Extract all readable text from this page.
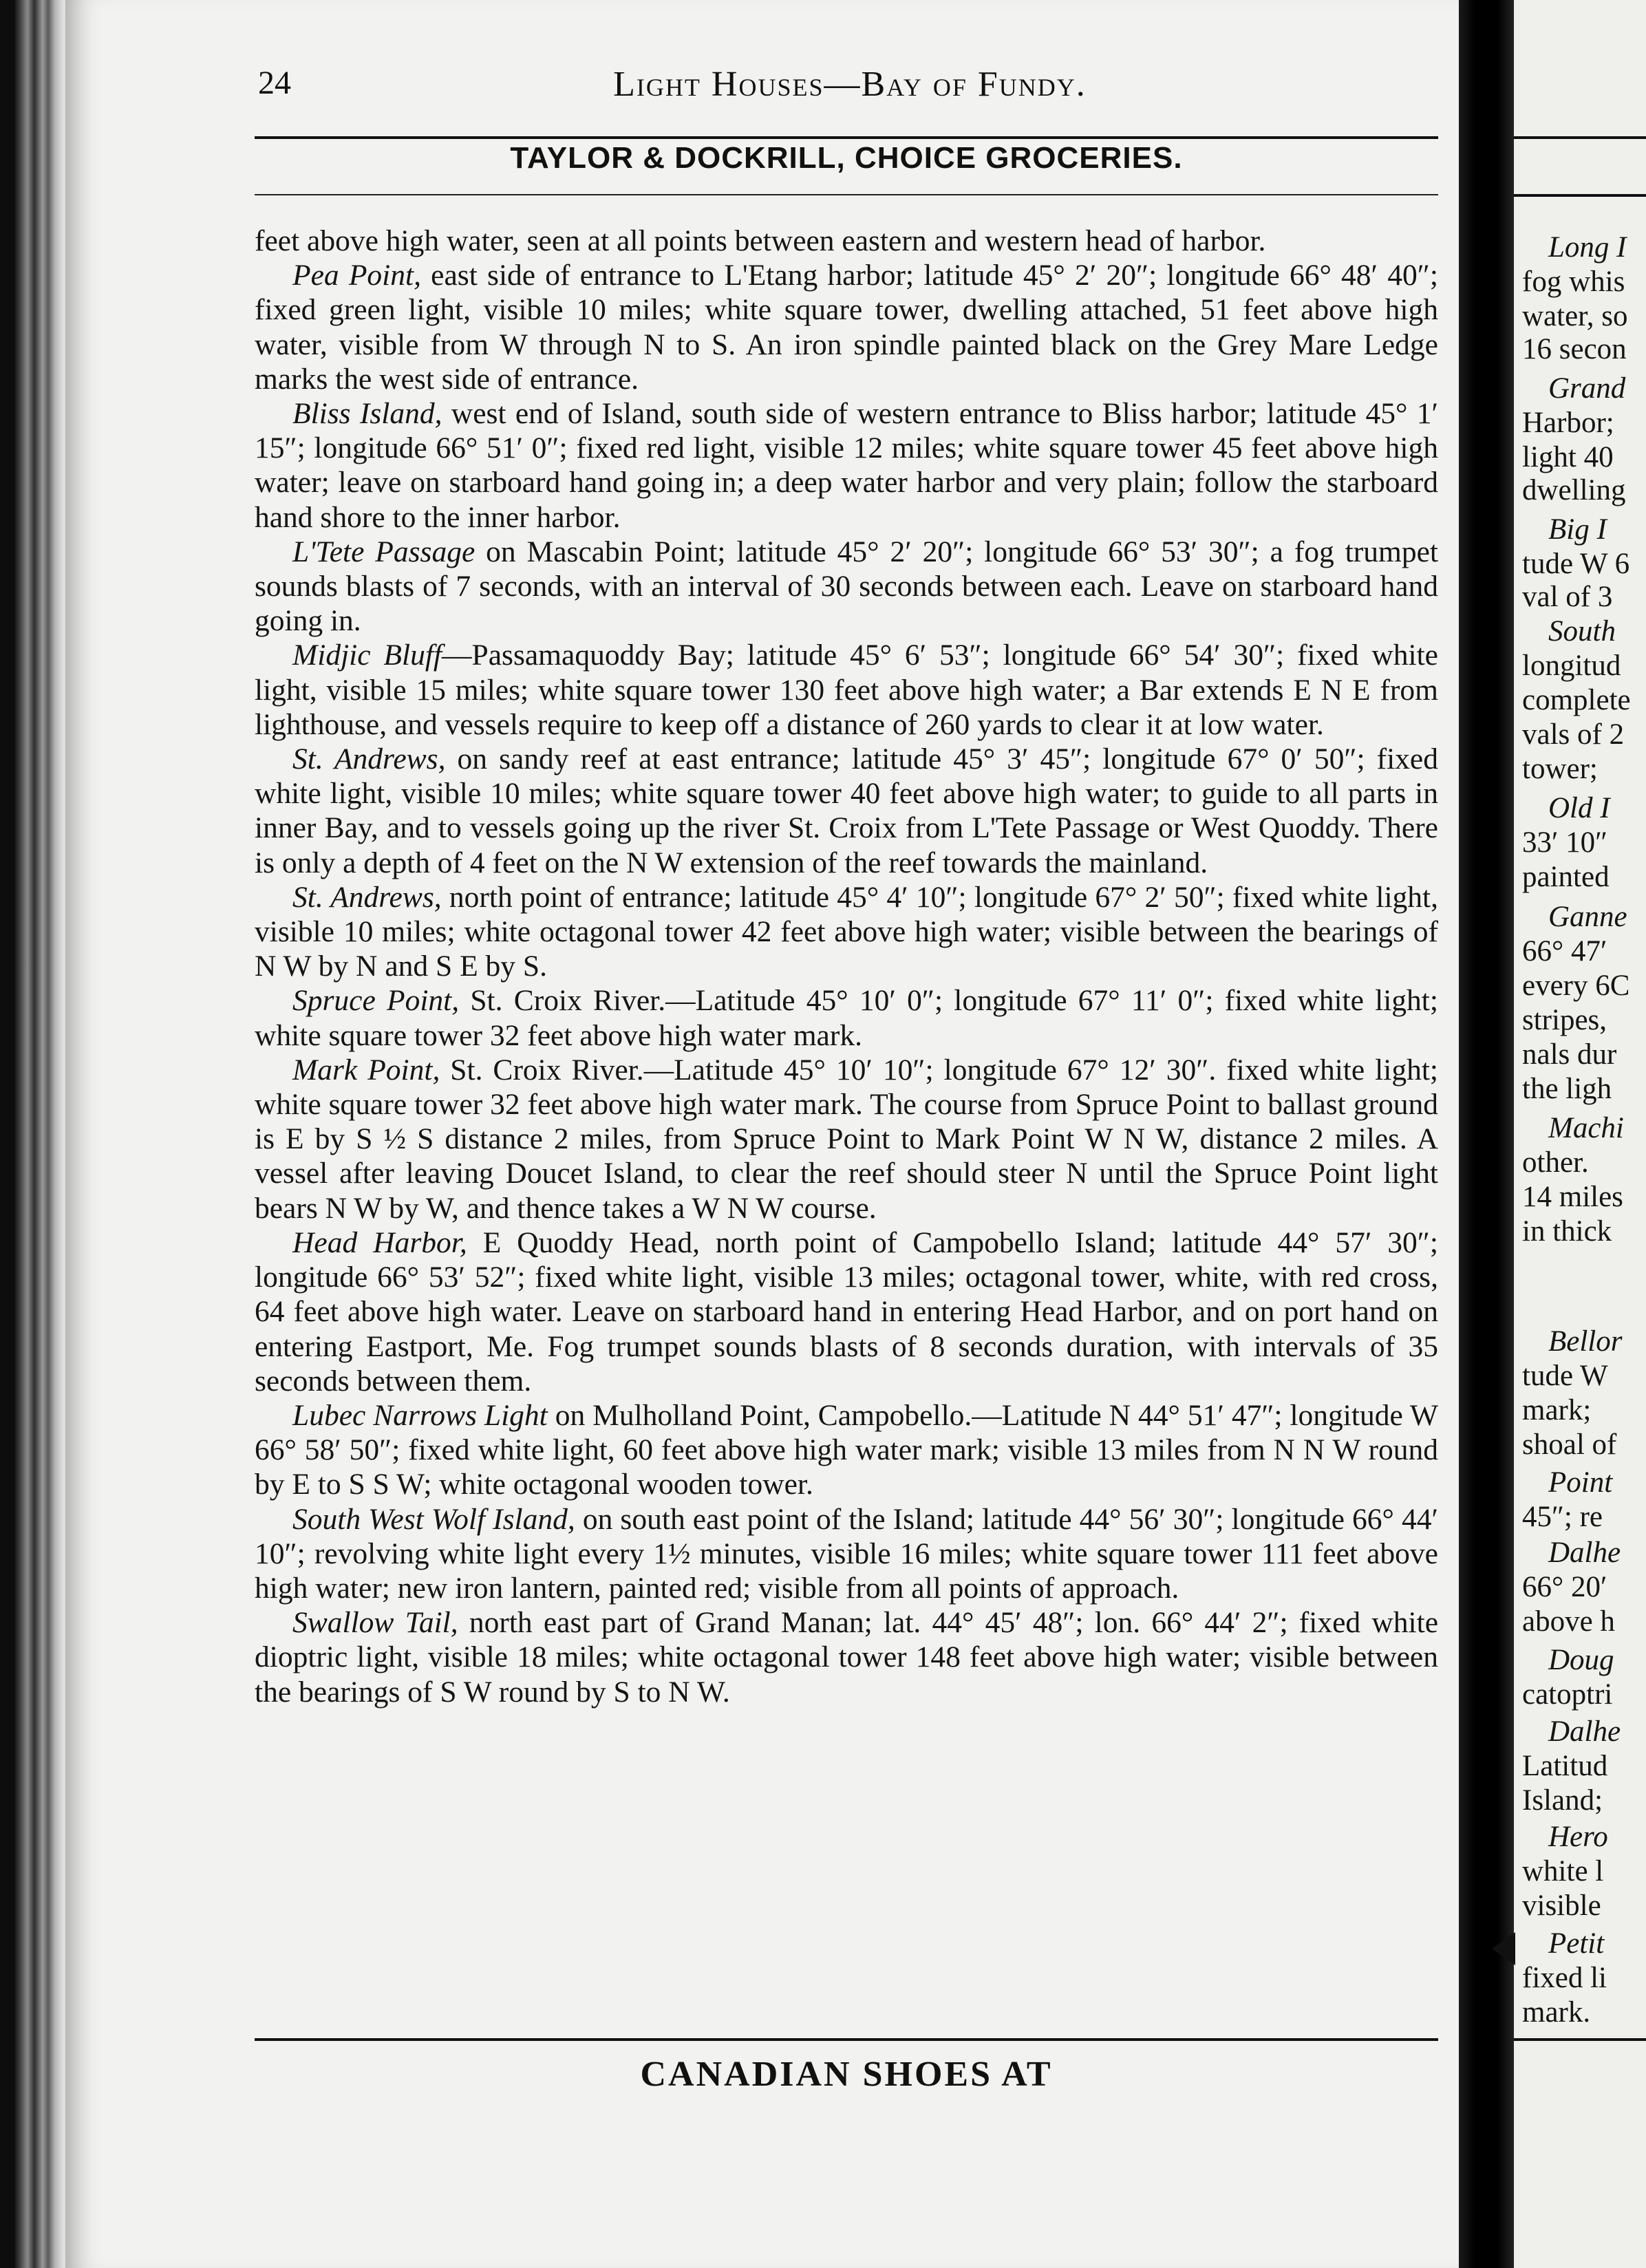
24	Light Houses—Bay of Fundy.
TAYLOR & DOCKRILL, CHOICE GROCERIES.

feet above high water, seen at all points between eastern and western head of harbor.

Pea Point, east side of entrance to L'Etang harbor; latitude 45° 2′ 20″; longitude 66° 48′ 40″; fixed green light, visible 10 miles; white square tower, dwelling attached, 51 feet above high water, visible from W through N to S. An iron spindle painted black on the Grey Mare Ledge marks the west side of entrance.

Bliss Island, west end of Island, south side of western entrance to Bliss harbor; latitude 45° 1′ 15″; longitude 66° 51′ 0″; fixed red light, visible 12 miles; white square tower 45 feet above high water; leave on starboard hand going in; a deep water harbor and very plain; follow the starboard hand shore to the inner harbor.

L'Tete Passage on Mascabin Point; latitude 45° 2′ 20″; longitude 66° 53′ 30″; a fog trumpet sounds blasts of 7 seconds, with an interval of 30 seconds between each. Leave on starboard hand going in.

Midjic Bluff—Passamaquoddy Bay; latitude 45° 6′ 53″; longitude 66° 54′ 30″; fixed white light, visible 15 miles; white square tower 130 feet above high water; a Bar extends E N E from lighthouse, and vessels require to keep off a distance of 260 yards to clear it at low water.

St. Andrews, on sandy reef at east entrance; latitude 45° 3′ 45″; longitude 67° 0′ 50″; fixed white light, visible 10 miles; white square tower 40 feet above high water; to guide to all parts in inner Bay, and to vessels going up the river St. Croix from L'Tete Passage or West Quoddy. There is only a depth of 4 feet on the N W extension of the reef towards the mainland.

St. Andrews, north point of entrance; latitude 45° 4′ 10″; longitude 67° 2′ 50″; fixed white light, visible 10 miles; white octagonal tower 42 feet above high water; visible between the bearings of N W by N and S E by S.

Spruce Point, St. Croix River.—Latitude 45° 10′ 0″; longitude 67° 11′ 0″; fixed white light; white square tower 32 feet above high water mark.

Mark Point, St. Croix River.—Latitude 45° 10′ 10″; longitude 67° 12′ 30″. fixed white light; white square tower 32 feet above high water mark. The course from Spruce Point to ballast ground is E by S ½ S distance 2 miles, from Spruce Point to Mark Point W N W, distance 2 miles. A vessel after leaving Doucet Island, to clear the reef should steer N until the Spruce Point light bears N W by W, and thence takes a W N W course.

Head Harbor, E Quoddy Head, north point of Campobello Island; latitude 44° 57′ 30″; longitude 66° 53′ 52″; fixed white light, visible 13 miles; octagonal tower, white, with red cross, 64 feet above high water. Leave on starboard hand in entering Head Harbor, and on port hand on entering Eastport, Me. Fog trumpet sounds blasts of 8 seconds duration, with intervals of 35 seconds between them.

Lubec Narrows Light on Mulholland Point, Campobello.—Latitude N 44° 51′ 47″; longitude W 66° 58′ 50″; fixed white light, 60 feet above high water mark; visible 13 miles from N N W round by E to S S W; white octagonal wooden tower.

South West Wolf Island, on south east point of the Island; latitude 44° 56′ 30″; longitude 66° 44′ 10″; revolving white light every 1½ minutes, visible 16 miles; white square tower 111 feet above high water; new iron lantern, painted red; visible from all points of approach.

Swallow Tail, north east part of Grand Manan; lat. 44° 45′ 48″; lon. 66° 44′ 2″; fixed white dioptric light, visible 18 miles; white octagonal tower 148 feet above high water; visible between the bearings of S W round by S to N W.

CANADIAN SHOES AT
Long I
fog whis
water, so
16 secon
Grand
Harbor;
light 40
dwelling
Big I
tude W 6
val of 3
South
longitud
complete
vals of 2
tower;
Old I
33′ 10″
painted
Ganne
66° 47′
every 6C
stripes,
nals dur
the ligh
Machi
other.
14 miles
in thick
Bellor
tude W
mark;
shoal of
Point
45″; re
Dalhe
66° 20′
above h
Doug
catoptri
Dalhe
Latitud
Island;
Hero
white l
visible
Petit
fixed li
mark.
